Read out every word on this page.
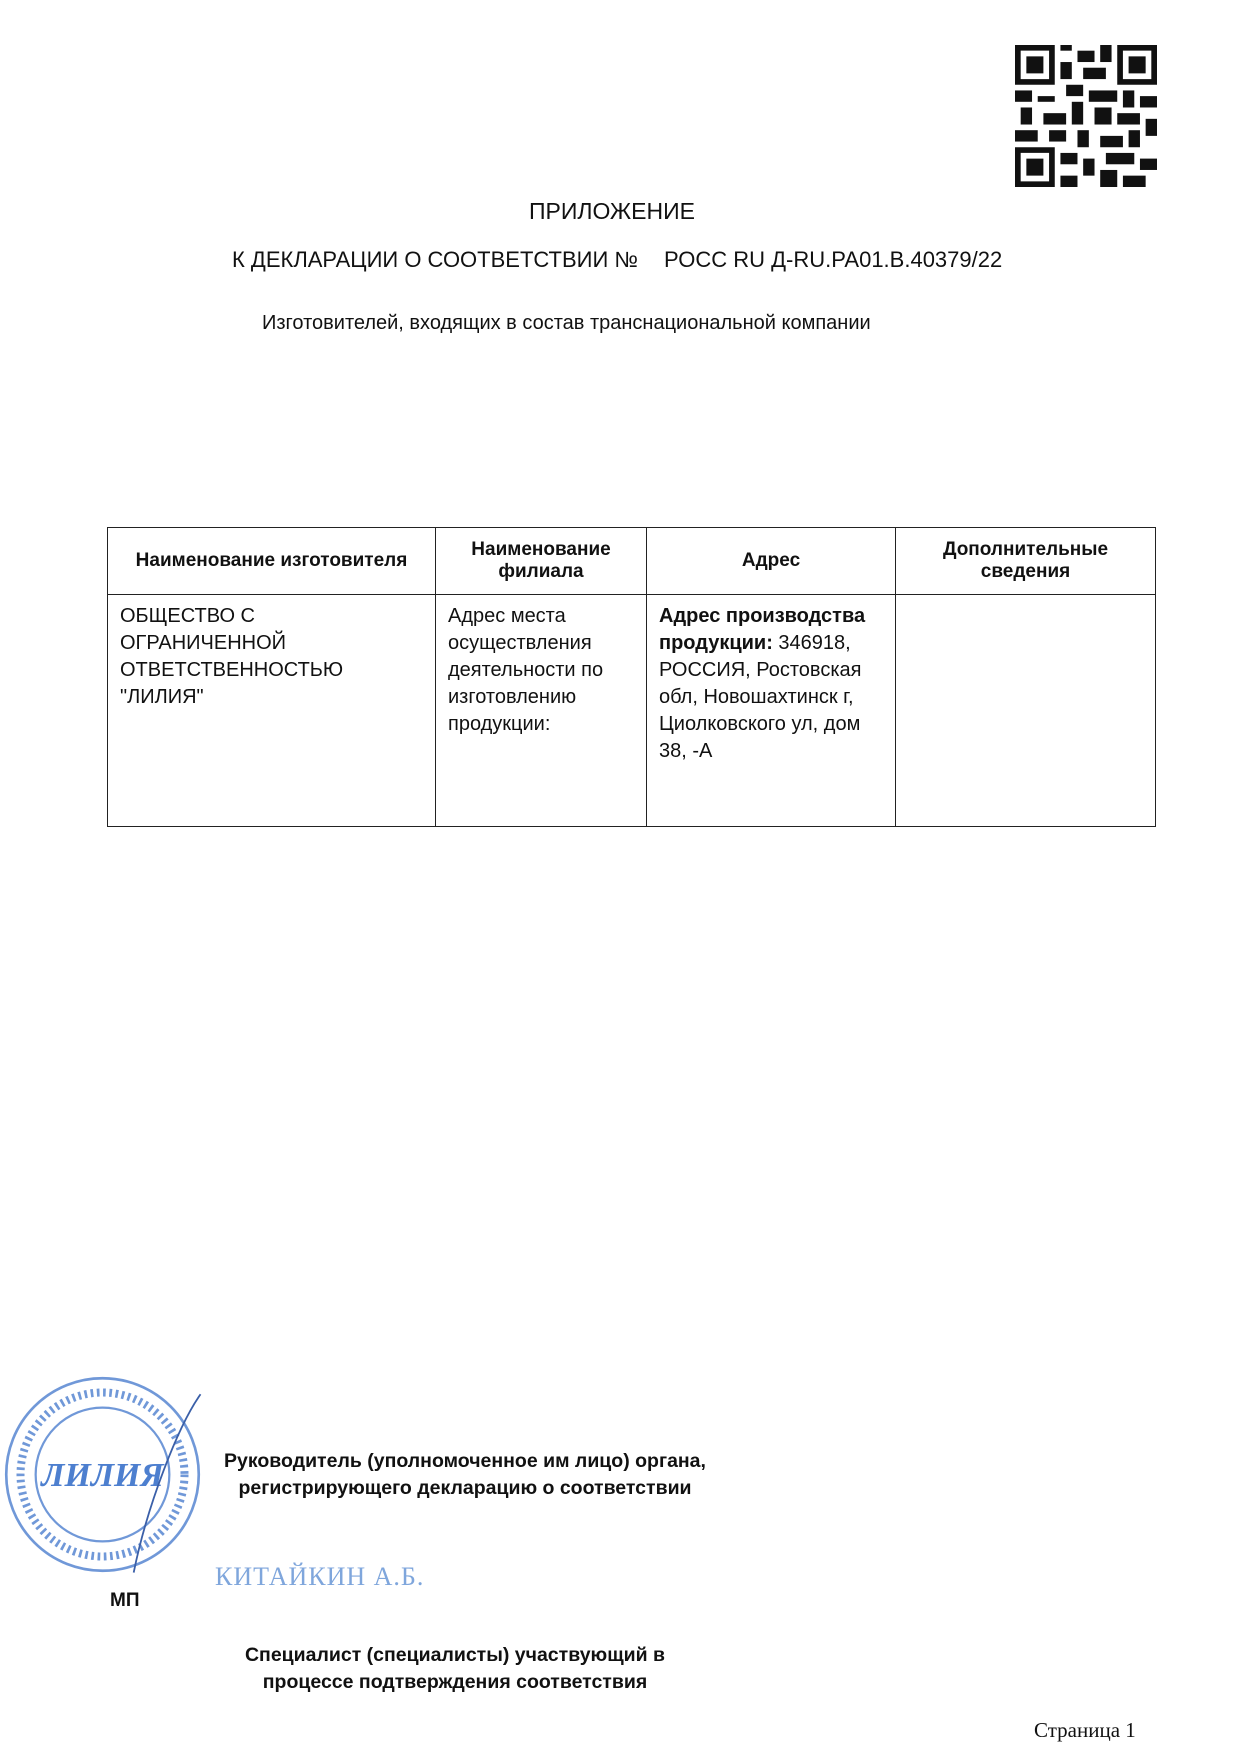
ПРИЛОЖЕНИЕ
К ДЕКЛАРАЦИИ О СООТВЕТСТВИИ № РОСС RU Д-RU.РА01.В.40379/22
Изготовителей, входящих в состав транснациональной компании
Наименование изготовителя	Наименование филиала	Адрес	Дополнительные сведения
ОБЩЕСТВО С ОГРАНИЧЕННОЙ ОТВЕТСТВЕННОСТЬЮ "ЛИЛИЯ"	Адрес места осуществления деятельности по изготовлению продукции:	Адрес производства продукции: 346918, РОССИЯ, Ростовская обл, Новошахтинск г, Циолковского ул, дом 38, -А	
ЛИЛИЯ	Руководитель (уполномоченное им лицо) органа, регистрирующего декларацию о соответствии
КИТАЙКИН А.Б.
МП
Специалист (специалисты) участвующий в процессе подтверждения соответствия
Страница 1
